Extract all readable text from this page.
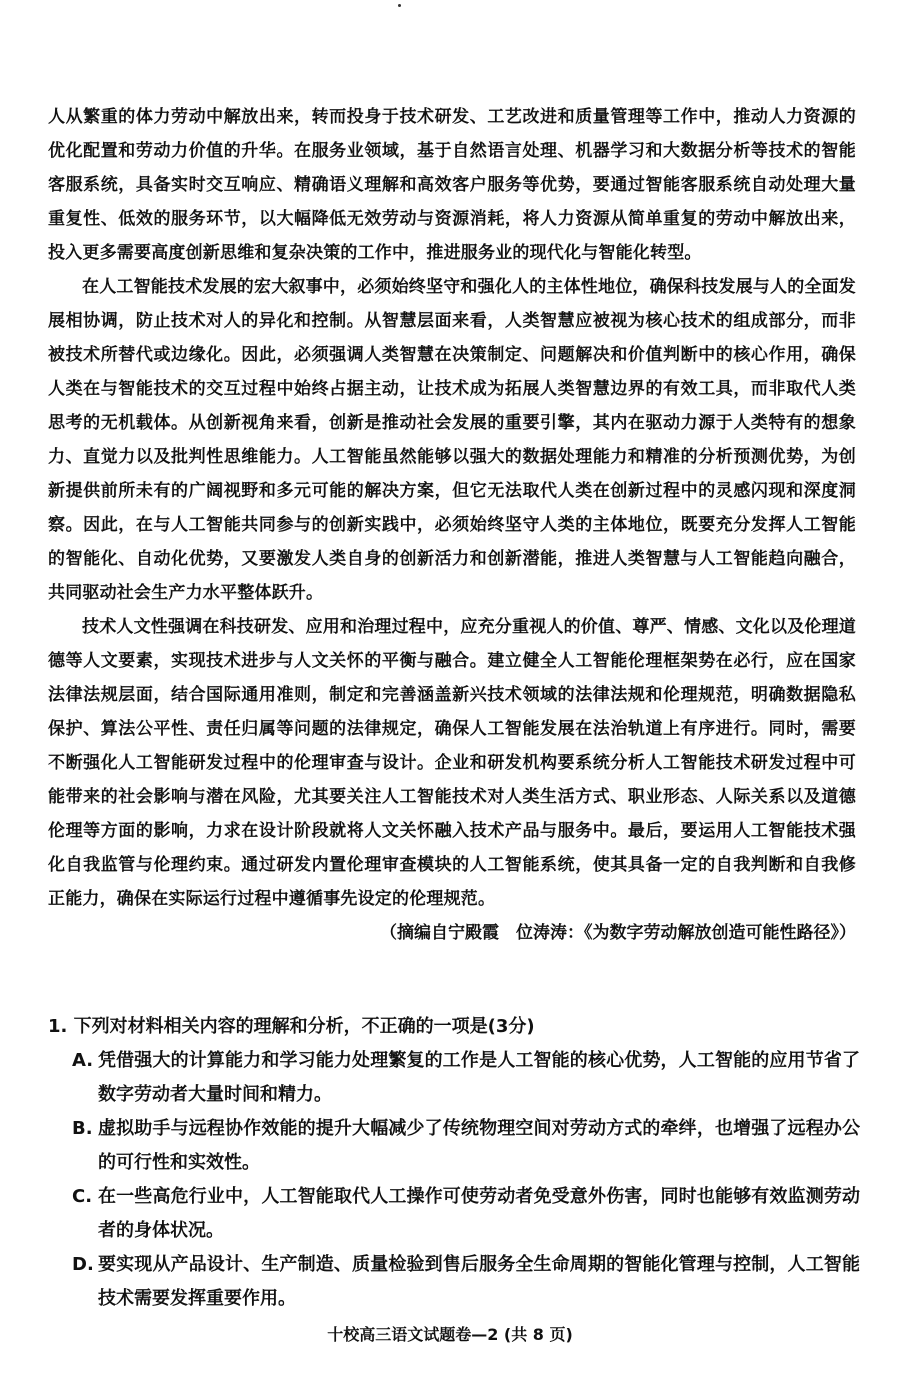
人从繁重的体力劳动中解放出来，转而投身于技术研发、工艺改进和质量管理等工作中，推动人力资源的优化配置和劳动力价值的升华。在服务业领域，基于自然语言处理、机器学习和大数据分析等技术的智能客服系统，具备实时交互响应、精确语义理解和高效客户服务等优势，要通过智能客服系统自动处理大量重复性、低效的服务环节，以大幅降低无效劳动与资源消耗，将人力资源从简单重复的劳动中解放出来，投入更多需要高度创新思维和复杂决策的工作中，推进服务业的现代化与智能化转型。

在人工智能技术发展的宏大叙事中，必须始终坚守和强化人的主体性地位，确保科技发展与人的全面发展相协调，防止技术对人的异化和控制。从智慧层面来看，人类智慧应被视为核心技术的组成部分，而非被技术所替代或边缘化。因此，必须强调人类智慧在决策制定、问题解决和价值判断中的核心作用，确保人类在与智能技术的交互过程中始终占据主动，让技术成为拓展人类智慧边界的有效工具，而非取代人类思考的无机载体。从创新视角来看，创新是推动社会发展的重要引擎，其内在驱动力源于人类特有的想象力、直觉力以及批判性思维能力。人工智能虽然能够以强大的数据处理能力和精准的分析预测优势，为创新提供前所未有的广阔视野和多元可能的解决方案，但它无法取代人类在创新过程中的灵感闪现和深度洞察。因此，在与人工智能共同参与的创新实践中，必须始终坚守人类的主体地位，既要充分发挥人工智能的智能化、自动化优势，又要激发人类自身的创新活力和创新潜能，推进人类智慧与人工智能趋向融合，共同驱动社会生产力水平整体跃升。

技术人文性强调在科技研发、应用和治理过程中，应充分重视人的价值、尊严、情感、文化以及伦理道德等人文要素，实现技术进步与人文关怀的平衡与融合。建立健全人工智能伦理框架势在必行，应在国家法律法规层面，结合国际通用准则，制定和完善涵盖新兴技术领域的法律法规和伦理规范，明确数据隐私保护、算法公平性、责任归属等问题的法律规定，确保人工智能发展在法治轨道上有序进行。同时，需要不断强化人工智能研发过程中的伦理审查与设计。企业和研发机构要系统分析人工智能技术研发过程中可能带来的社会影响与潜在风险，尤其要关注人工智能技术对人类生活方式、职业形态、人际关系以及道德伦理等方面的影响，力求在设计阶段就将人文关怀融入技术产品与服务中。最后，要运用人工智能技术强化自我监管与伦理约束。通过研发内置伦理审查模块的人工智能系统，使其具备一定的自我判断和自我修正能力，确保在实际运行过程中遵循事先设定的伦理规范。

（摘编自宁殿霞　位涛涛：《为数字劳动解放创造可能性路径》）

1. 下列对材料相关内容的理解和分析，不正确的一项是(3分)

A. 凭借强大的计算能力和学习能力处理繁复的工作是人工智能的核心优势，人工智能的应用节省了数字劳动者大量时间和精力。
B. 虚拟助手与远程协作效能的提升大幅减少了传统物理空间对劳动方式的牵绊，也增强了远程办公的可行性和实效性。
C. 在一些高危行业中，人工智能取代人工操作可使劳动者免受意外伤害，同时也能够有效监测劳动者的身体状况。
D. 要实现从产品设计、生产制造、质量检验到售后服务全生命周期的智能化管理与控制，人工智能技术需要发挥重要作用。
十校高三语文试题卷—2 (共 8 页)
